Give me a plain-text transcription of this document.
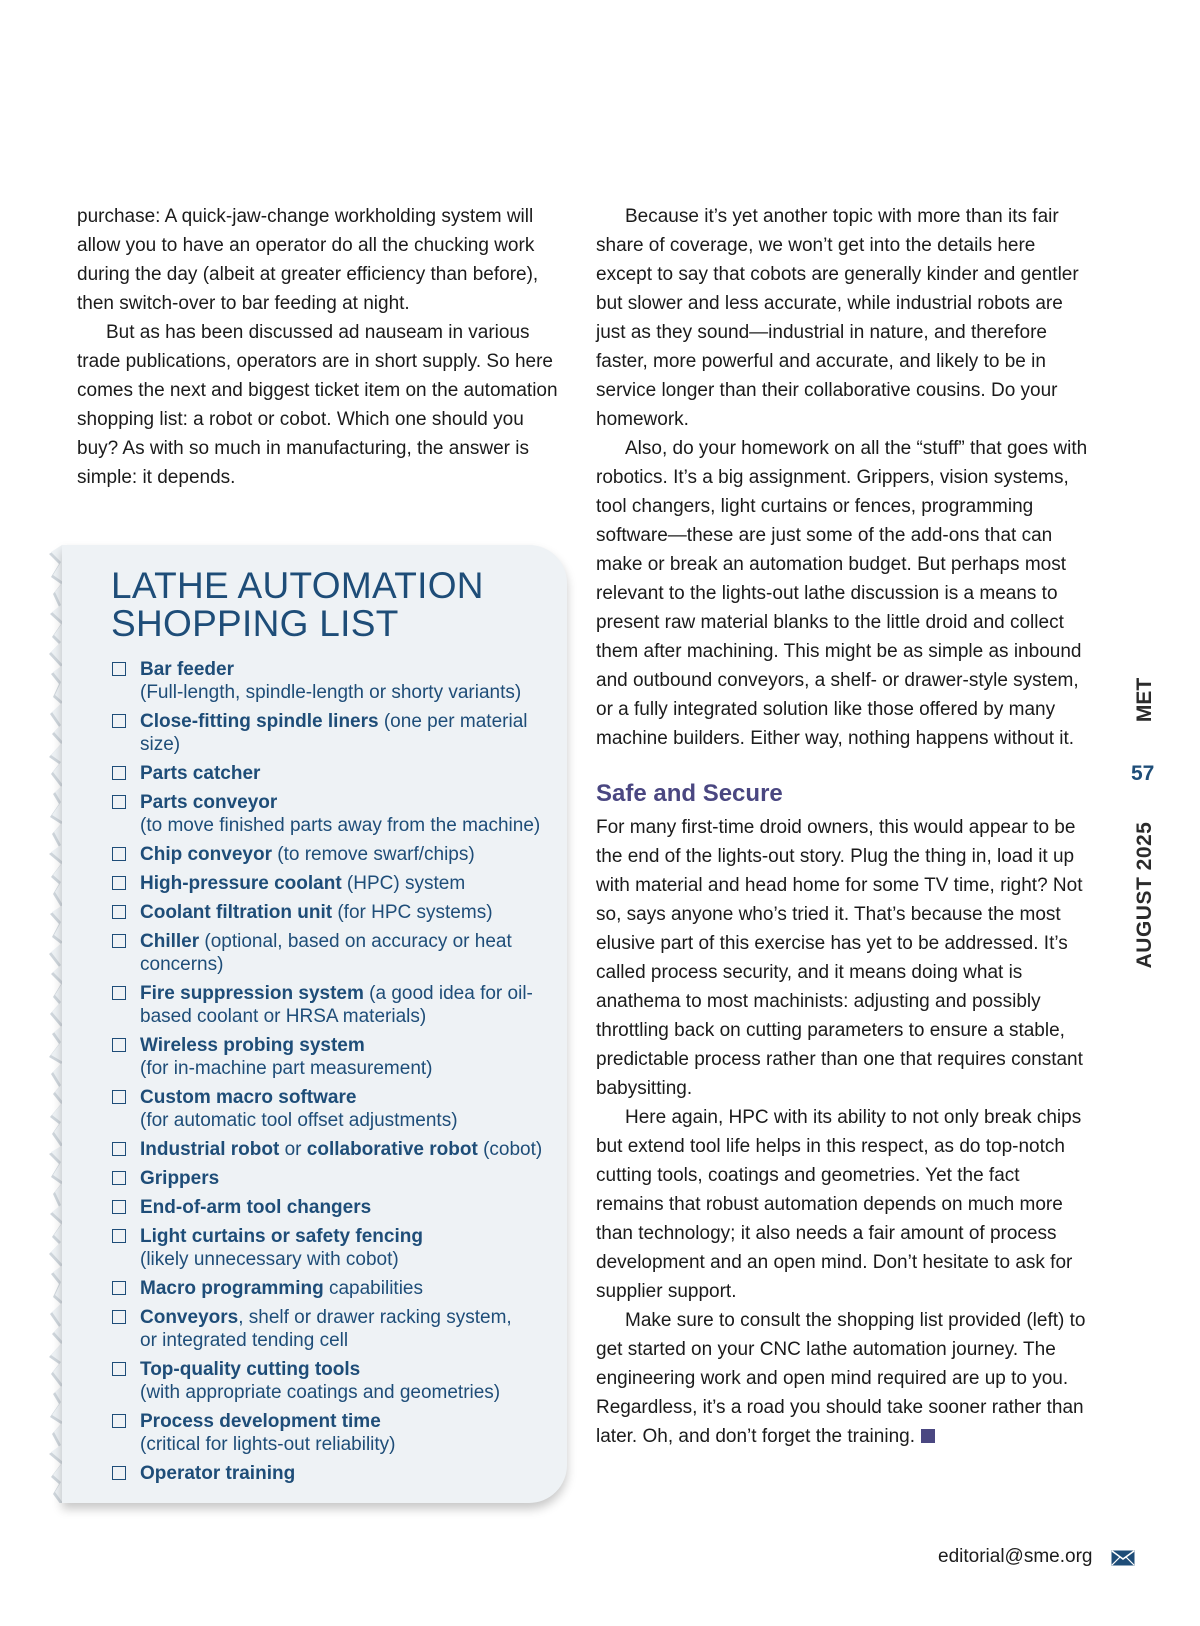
purchase: A quick-jaw-change workholding system will allow you to have an operator do all the chucking work during the day (albeit at greater efficiency than before), then switch-over to bar feeding at night.

But as has been discussed ad nauseam in various trade publications, operators are in short supply. So here comes the next and biggest ticket item on the automation shopping list: a robot or cobot. Which one should you buy? As with so much in manufacturing, the answer is simple: it depends.

LATHE AUTOMATION
SHOPPING LIST
Bar feeder
(Full-length, spindle-length or shorty variants)
Close-fitting spindle liners (one per material size)
Parts catcher
Parts conveyor
(to move finished parts away from the machine)
Chip conveyor (to remove swarf/chips)
High-pressure coolant (HPC) system
Coolant filtration unit (for HPC systems)
Chiller (optional, based on accuracy or heat concerns)
Fire suppression system (a good idea for oil-based coolant or HRSA materials)
Wireless probing system
(for in-machine part measurement)
Custom macro software
(for automatic tool offset adjustments)
Industrial robot or collaborative robot (cobot)
Grippers
End-of-arm tool changers
Light curtains or safety fencing
(likely unnecessary with cobot)
Macro programming capabilities
Conveyors, shelf or drawer racking system,
or integrated tending cell
Top-quality cutting tools
(with appropriate coatings and geometries)
Process development time
(critical for lights-out reliability)
Operator training

Because it’s yet another topic with more than its fair share of coverage, we won’t get into the details here except to say that cobots are generally kinder and gentler but slower and less accurate, while industrial robots are just as they sound—industrial in nature, and therefore faster, more powerful and accurate, and likely to be in service longer than their collaborative cousins. Do your homework.

Also, do your homework on all the “stuff” that goes with robotics. It’s a big assignment. Grippers, vision systems, tool changers, light curtains or fences, programming software—these are just some of the add-ons that can make or break an automation budget. But perhaps most relevant to the lights-out lathe discussion is a means to present raw material blanks to the little droid and collect them after machining. This might be as simple as inbound and outbound conveyors, a shelf- or drawer-style system, or a fully integrated solution like those offered by many machine builders. Either way, nothing happens without it.

Safe and Secure

For many first-time droid owners, this would appear to be the end of the lights-out story. Plug the thing in, load it up with material and head home for some TV time, right? Not so, says anyone who’s tried it. That’s because the most elusive part of this exercise has yet to be addressed. It’s called process security, and it means doing what is anathema to most machinists: adjusting and possibly throttling back on cutting parameters to ensure a stable, predictable process rather than one that requires constant babysitting.

Here again, HPC with its ability to not only break chips but extend tool life helps in this respect, as do top-notch cutting tools, coatings and geometries. Yet the fact remains that robust automation depends on much more than technology; it also needs a fair amount of process development and an open mind. Don’t hesitate to ask for supplier support.

Make sure to consult the shopping list provided (left) to get started on your CNC lathe automation journey. The engineering work and open mind required are up to you. Regardless, it’s a road you should take sooner rather than later. Oh, and don’t forget the training.

MET
57
AUGUST 2025
editorial@sme.org
